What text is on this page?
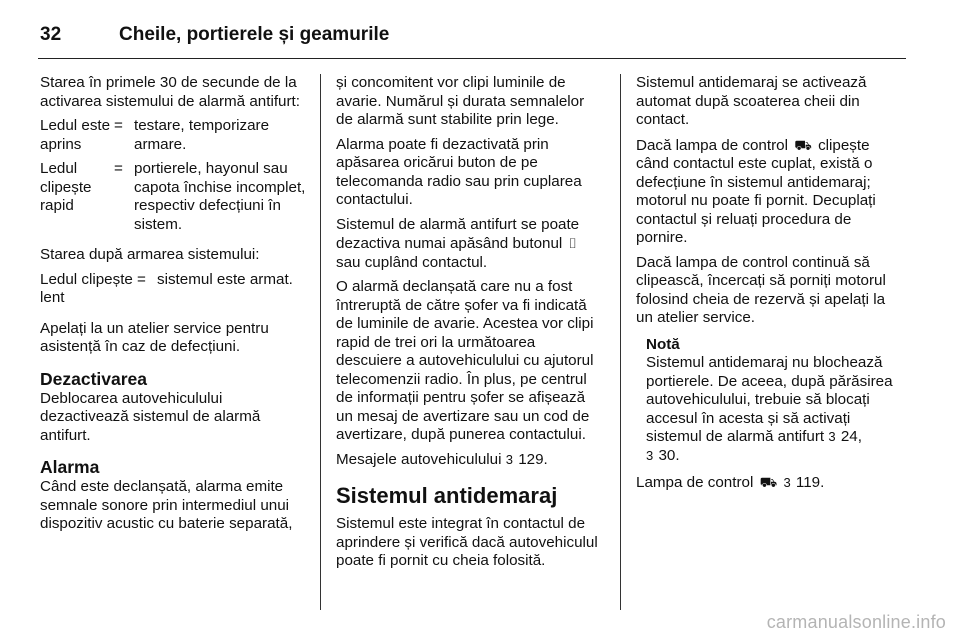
32	Cheile, portierele și geamurile

Starea în primele 30 de secunde de la activarea sistemului de alarmă antifurt:

Ledul este aprins
= testare, temporizare armare.
Ledul clipește rapid
= portierele, hayonul sau capota închise incomplet, respectiv defecțiuni în sistem.

Starea după armarea sistemului:

Ledul clipește lent
= sistemul este armat.

Apelați la un atelier service pentru asistență în caz de defecțiuni.

Dezactivarea

Deblocarea autovehiculului dezactivează sistemul de alarmă antifurt.

Alarma

Când este declanșată, alarma emite semnale sonore prin intermediul unui dispozitiv acustic cu baterie separată,

și concomitent vor clipi luminile de avarie. Numărul și durata semnalelor de alarmă sunt stabilite prin lege.

Alarma poate fi dezactivată prin apăsarea oricărui buton de pe telecomanda radio sau prin cuplarea contactului.

Sistemul de alarmă antifurt se poate dezactiva numai apăsând butonul ⌷ sau cuplând contactul.

O alarmă declanșată care nu a fost întreruptă de către șofer va fi indicată de luminile de avarie. Acestea vor clipi rapid de trei ori la următoarea descuiere a autovehiculului cu ajutorul telecomenzii radio. În plus, pe centrul de informații pentru șofer se afișează un mesaj de avertizare sau un cod de avertizare, după punerea contactului.

Mesajele autovehiculului 3 129.

Sistemul antidemaraj

Sistemul este integrat în contactul de aprindere și verifică dacă autovehiculul poate fi pornit cu cheia folosită.

Sistemul antidemaraj se activează automat după scoaterea cheii din contact.

Dacă lampa de control ⛟ clipește când contactul este cuplat, există o defecțiune în sistemul antidemaraj; motorul nu poate fi pornit. Decuplați contactul și reluați procedura de pornire.

Dacă lampa de control continuă să clipească, încercați să porniți motorul folosind cheia de rezervă și apelați la un atelier service.

Notă
Sistemul antidemaraj nu blochează portierele. De aceea, după părăsirea autovehiculului, trebuie să blocați accesul în acesta și să activați sistemul de alarmă antifurt 3 24,
3 30.

Lampa de control ⛟ 3 119.

carmanualsonline.info
